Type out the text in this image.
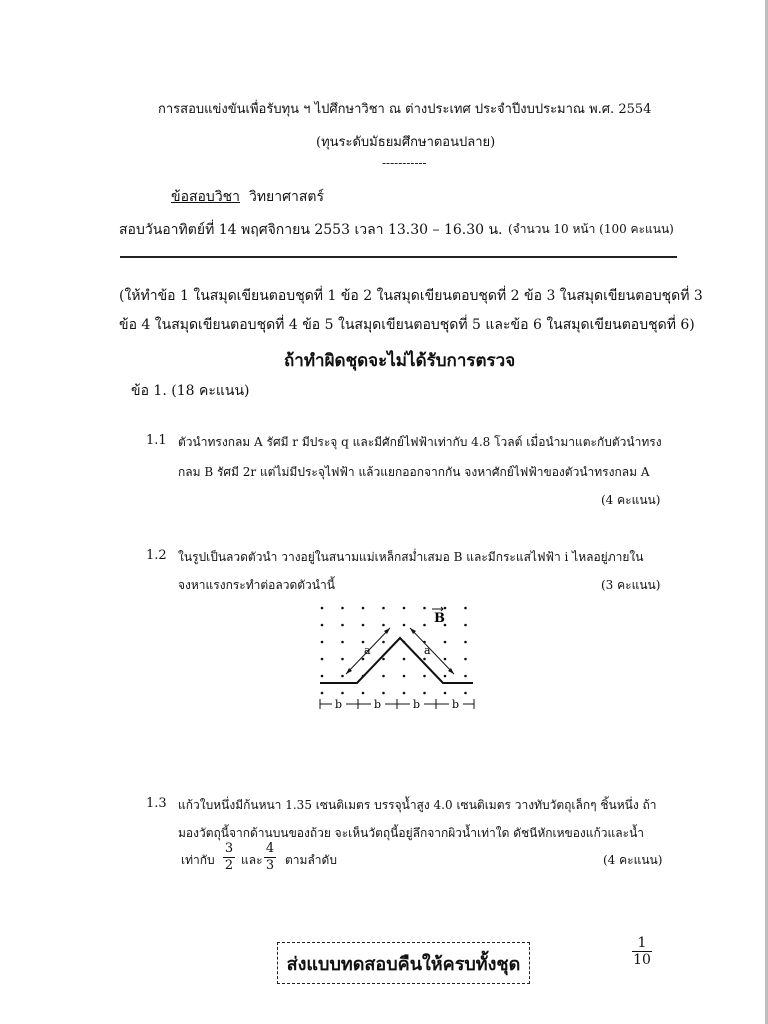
การสอบแข่งขันเพื่อรับทุน ฯ ไปศึกษาวิชา ณ ต่างประเทศ ประจำปีงบประมาณ พ.ศ. 2554
(ทุนระดับมัธยมศึกษาตอนปลาย)
-----------
ข้อสอบวิชา วิทยาศาสตร์
สอบวันอาทิตย์ที่ 14 พฤศจิกายน 2553 เวลา 13.30 – 16.30 น. (จำนวน 10 หน้า (100 คะแนน)
(ให้ทำข้อ 1 ในสมุดเขียนตอบชุดที่ 1 ข้อ 2 ในสมุดเขียนตอบชุดที่ 2 ข้อ 3 ในสมุดเขียนตอบชุดที่ 3
ข้อ 4 ในสมุดเขียนตอบชุดที่ 4 ข้อ 5 ในสมุดเขียนตอบชุดที่ 5 และข้อ 6 ในสมุดเขียนตอบชุดที่ 6)
ถ้าทำผิดชุดจะไม่ได้รับการตรวจ
ข้อ 1. (18 คะแนน)
1.1 ตัวนำทรงกลม A รัศมี r มีประจุ q และมีศักย์ไฟฟ้าเท่ากับ 4.8 โวลต์ เมื่อนำมาแตะกับตัวนำทรง
กลม B รัศมี 2r แต่ไม่มีประจุไฟฟ้า แล้วแยกออกจากกัน จงหาศักย์ไฟฟ้าของตัวนำทรงกลม A
(4 คะแนน)
1.2 ในรูปเป็นลวดตัวนำ วางอยู่ในสนามแม่เหล็กสม่ำเสมอ B และมีกระแสไฟฟ้า i ไหลอยู่ภายใน
จงหาแรงกระทำต่อลวดตัวนำนี้	(3 คะแนน)
B
a	a
b	b	b	b
1.3 แก้วใบหนึ่งมีก้นหนา 1.35 เซนติเมตร บรรจุน้ำสูง 4.0 เซนติเมตร วางทับวัตถุเล็กๆ ชิ้นหนึ่ง ถ้า
มองวัตถุนี้จากด้านบนของถ้วย จะเห็นวัตถุนี้อยู่ลึกจากผิวน้ำเท่าใด ดัชนีหักเหของแก้วและน้ำ
เท่ากับ
3
2 และ
4
3 ตามลำดับ	(4 คะแนน)
ส่งแบบทดสอบคืนให้ครบทั้งชุด
1
10
